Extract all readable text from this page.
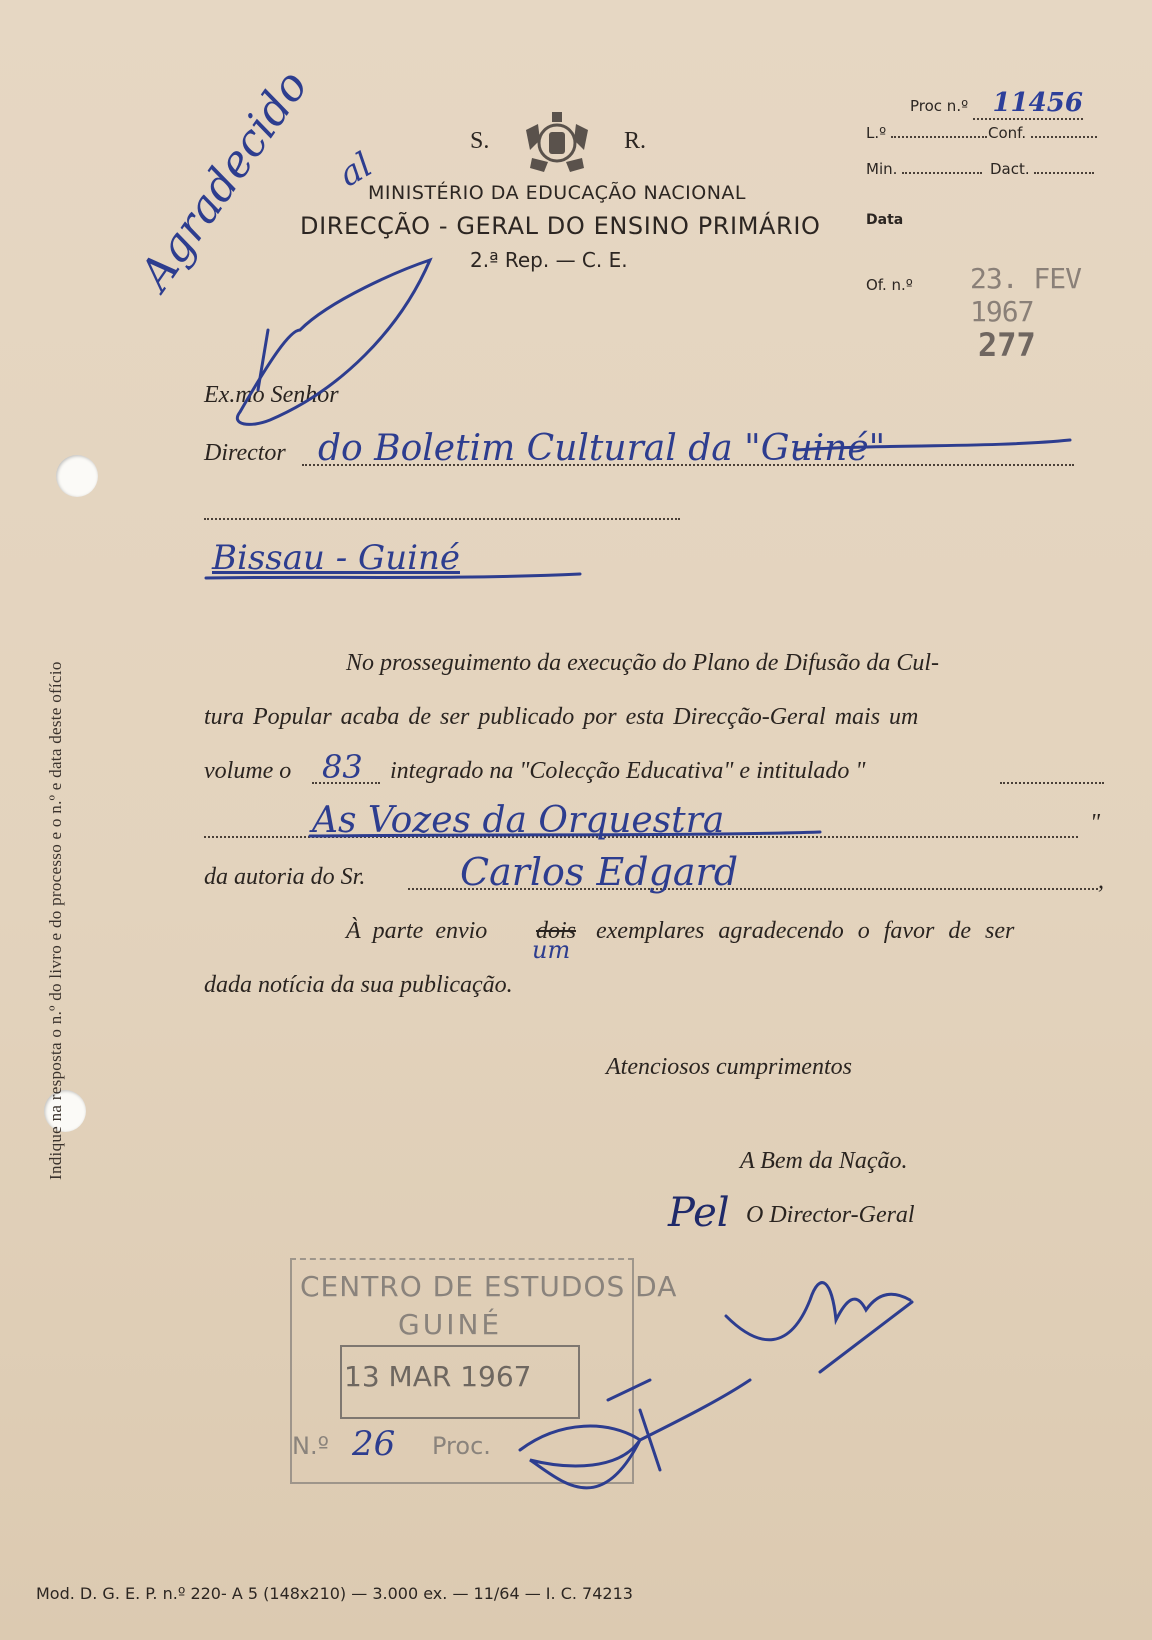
Indique na resposta o n.º do livro e do processo e o n.º e data deste ofício
S.	R.
MINISTÉRIO DA EDUCAÇÃO NACIONAL
DIRECÇÃO - GERAL DO ENSINO PRIMÁRIO
2.ª Rep. — C. E.
Proc n.º 11456
L.º	Conf.
Min.	Dact.
Data
Of. n.º 23. FEV 1967
277
Agradecido al
Ex.mo Senhor
Director do Boletim Cultural da "Guiné"
Bissau - Guiné
No prosseguimento da execução do Plano de Difusão da Cul-
tura Popular acaba de ser publicado por esta Direcção-Geral mais um
volume o 83 integrado na "Colecção Educativa" e intitulado "
As Vozes da Orquestra	"
da autoria do Sr. Carlos Edgard	,
À parte envio dois
um
exemplares agradecendo o favor de ser
dada notícia da sua publicação.
Atenciosos cumprimentos
A Bem da Nação.
Pel O Director-Geral
CENTRO DE ESTUDOS DA
GUINÉ
13 MAR 1967
N.º 26 Proc.
Mod. D. G. E. P. n.º 220- A 5 (148x210) — 3.000 ex. — 11/64 — I. C. 74213
